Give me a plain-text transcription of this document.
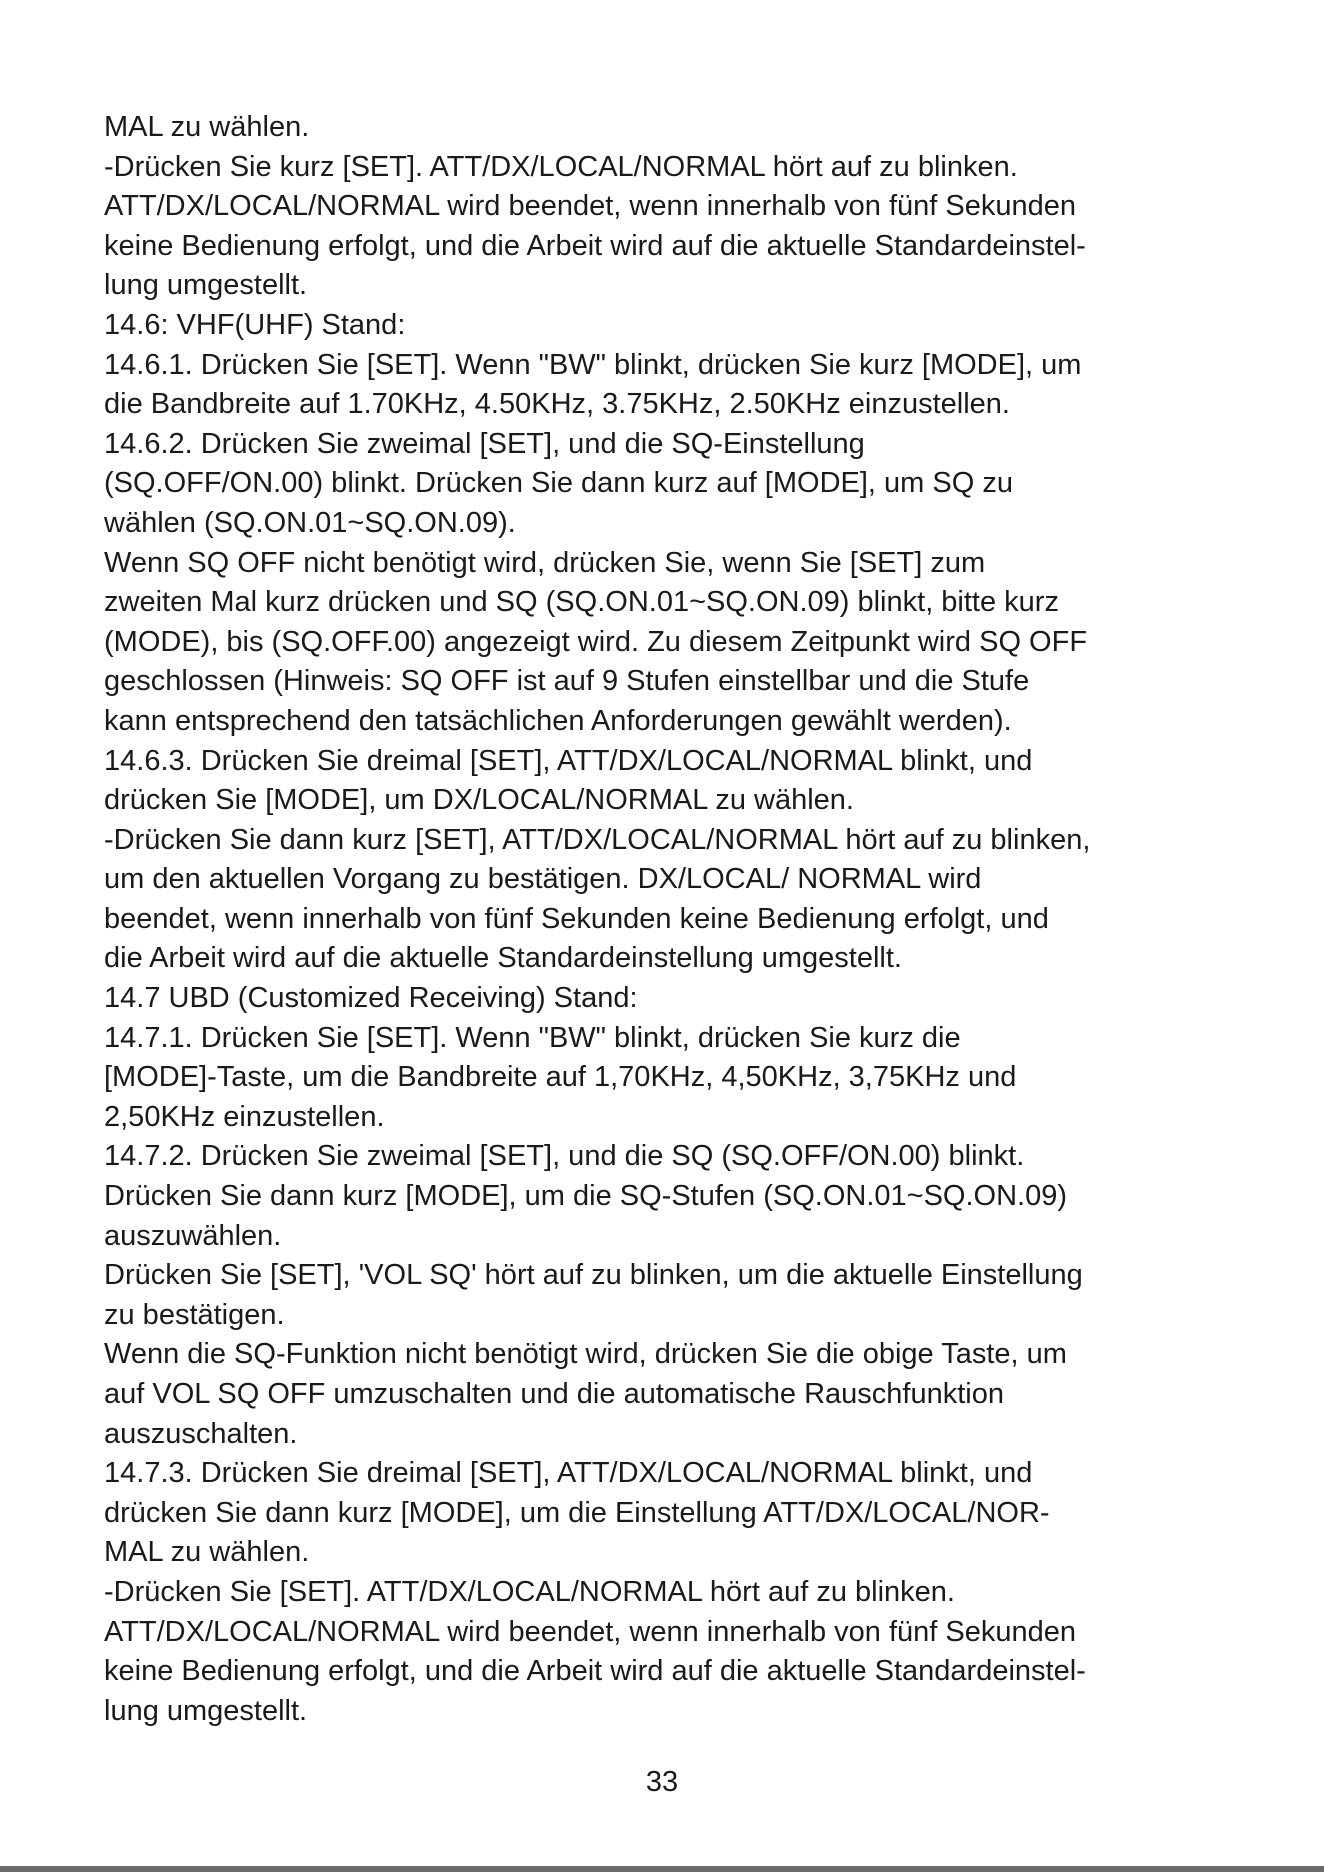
MAL zu wählen.
-Drücken Sie kurz [SET]. ATT/DX/LOCAL/NORMAL hört auf zu blinken.
ATT/DX/LOCAL/NORMAL wird beendet, wenn innerhalb von fünf Sekunden
keine Bedienung erfolgt, und die Arbeit wird auf die aktuelle Standardeinstel-
lung umgestellt.
14.6: VHF(UHF) Stand:
14.6.1. Drücken Sie [SET]. Wenn "BW" blinkt, drücken Sie kurz [MODE], um
die Bandbreite auf 1.70KHz, 4.50KHz, 3.75KHz, 2.50KHz einzustellen.
14.6.2. Drücken Sie zweimal [SET], und die SQ-Einstellung
(SQ.OFF/ON.00) blinkt. Drücken Sie dann kurz auf [MODE], um SQ zu
wählen (SQ.ON.01~SQ.ON.09).
Wenn SQ OFF nicht benötigt wird, drücken Sie, wenn Sie [SET] zum
zweiten Mal kurz drücken und SQ (SQ.ON.01~SQ.ON.09) blinkt, bitte kurz
(MODE), bis (SQ.OFF.00) angezeigt wird. Zu diesem Zeitpunkt wird SQ OFF
geschlossen (Hinweis: SQ OFF ist auf 9 Stufen einstellbar und die Stufe
kann entsprechend den tatsächlichen Anforderungen gewählt werden).
14.6.3. Drücken Sie dreimal [SET], ATT/DX/LOCAL/NORMAL blinkt, und
drücken Sie [MODE], um DX/LOCAL/NORMAL zu wählen.
-Drücken Sie dann kurz [SET], ATT/DX/LOCAL/NORMAL hört auf zu blinken,
um den aktuellen Vorgang zu bestätigen. DX/LOCAL/ NORMAL wird
beendet, wenn innerhalb von fünf Sekunden keine Bedienung erfolgt, und
die Arbeit wird auf die aktuelle Standardeinstellung umgestellt.
14.7 UBD (Customized Receiving) Stand:
14.7.1. Drücken Sie [SET]. Wenn "BW" blinkt, drücken Sie kurz die
[MODE]-Taste, um die Bandbreite auf 1,70KHz, 4,50KHz, 3,75KHz und
2,50KHz einzustellen.
14.7.2. Drücken Sie zweimal [SET], und die SQ (SQ.OFF/ON.00) blinkt.
Drücken Sie dann kurz [MODE], um die SQ-Stufen (SQ.ON.01~SQ.ON.09)
auszuwählen.
Drücken Sie [SET], 'VOL SQ' hört auf zu blinken, um die aktuelle Einstellung
zu bestätigen.
Wenn die SQ-Funktion nicht benötigt wird, drücken Sie die obige Taste, um
auf VOL SQ OFF umzuschalten und die automatische Rauschfunktion
auszuschalten.
14.7.3. Drücken Sie dreimal [SET], ATT/DX/LOCAL/NORMAL blinkt, und
drücken Sie dann kurz [MODE], um die Einstellung ATT/DX/LOCAL/NOR-
MAL zu wählen.
-Drücken Sie [SET]. ATT/DX/LOCAL/NORMAL hört auf zu blinken.
ATT/DX/LOCAL/NORMAL wird beendet, wenn innerhalb von fünf Sekunden
keine Bedienung erfolgt, und die Arbeit wird auf die aktuelle Standardeinstel-
lung umgestellt.
33
